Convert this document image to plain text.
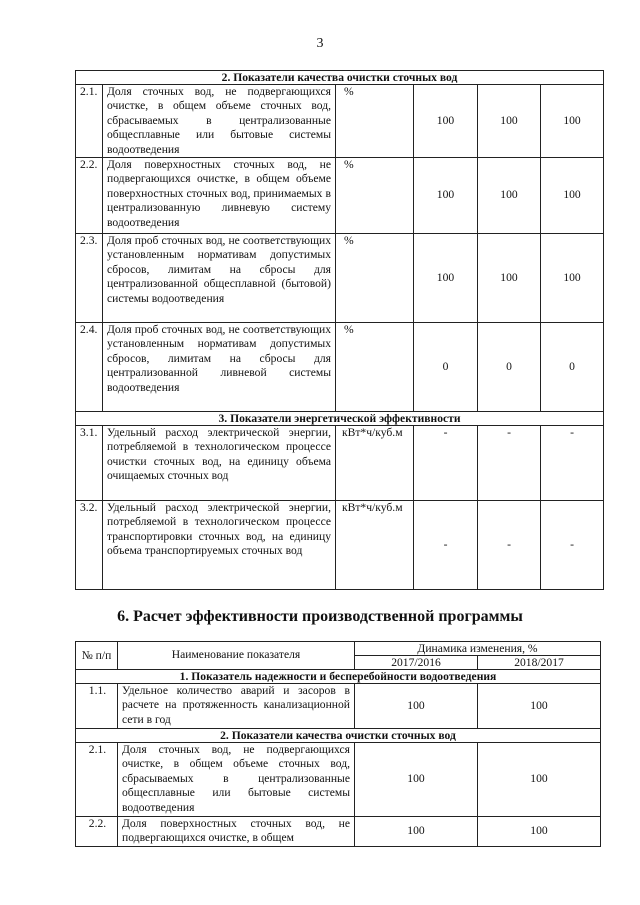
3
2. Показатели качества очистки сточных вод					
2.1.	Доля сточных вод, не подвергающихся очистке, в общем объеме сточных вод, сбрасываемых в централизованные общесплавные или бытовые системы водоотведения	%	100	100	100
2.2.	Доля поверхностных сточных вод, не подвергающихся очистке, в общем объеме поверхностных сточных вод, принимаемых в централизованную ливневую систему водоотведения	%	100	100	100
2.3.	Доля проб сточных вод, не соответствующих установленным нормативам допустимых сбросов, лимитам на сбросы для централизованной общесплавной (бытовой) системы водоотведения	%	100	100	100
2.4.	Доля проб сточных вод, не соответствующих установленным нормативам допустимых сбросов, лимитам на сбросы для централизованной ливневой системы водоотведения	%	0	0	0
3. Показатели энергетической эффективности					
3.1.	Удельный расход электрической энергии, потребляемой в технологическом процессе очистки сточных вод, на единицу объема очищаемых сточных вод	кВт*ч/куб.м	-	-	-
3.2.	Удельный расход электрической энергии, потребляемой в технологическом процессе транспортировки сточных вод, на единицу объема транспортируемых сточных вод	кВт*ч/куб.м	-	-	-
6. Расчет эффективности производственной программы
№ п/п	Наименование показателя	Динамика изменения, %	
		2017/2016	2018/2017
1. Показатель надежности и бесперебойности водоотведения			
1.1.	Удельное количество аварий и засоров в расчете на протяженность канализационной сети в год	100	100
2. Показатели качества очистки сточных вод			
2.1.	Доля сточных вод, не подвергающихся очистке, в общем объеме сточных вод, сбрасываемых в централизованные общесплавные или бытовые системы водоотведения	100	100
2.2.	Доля поверхностных сточных вод, не подвергающихся очистке, в общем	100	100
